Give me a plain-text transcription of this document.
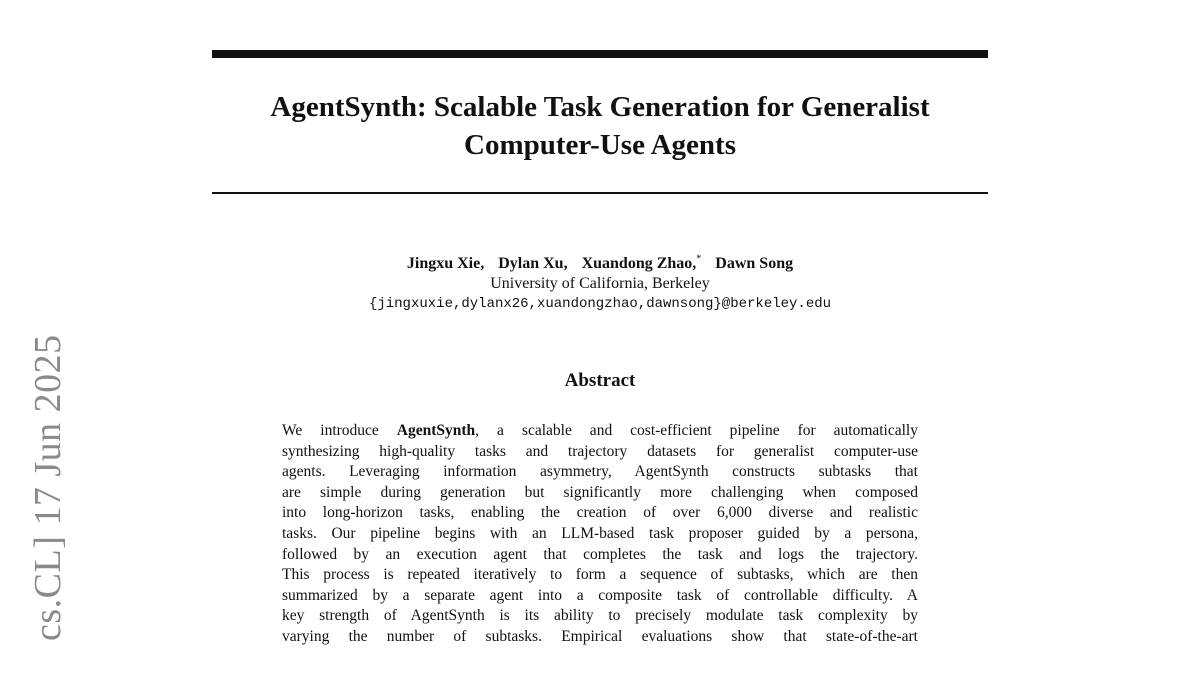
AgentSynth: Scalable Task Generation for Generalist
Computer-Use Agents
Jingxu Xie, Dylan Xu, Xuandong Zhao,* Dawn Song
University of California, Berkeley
{jingxuxie,dylanx26,xuandongzhao,dawnsong}@berkeley.edu
Abstract
We introduce AgentSynth, a scalable and cost-efficient pipeline for automatically
synthesizing high-quality tasks and trajectory datasets for generalist computer-use
agents. Leveraging information asymmetry, AgentSynth constructs subtasks that
are simple during generation but significantly more challenging when composed
into long-horizon tasks, enabling the creation of over 6,000 diverse and realistic
tasks. Our pipeline begins with an LLM-based task proposer guided by a persona,
followed by an execution agent that completes the task and logs the trajectory.
This process is repeated iteratively to form a sequence of subtasks, which are then
summarized by a separate agent into a composite task of controllable difficulty. A
key strength of AgentSynth is its ability to precisely modulate task complexity by
varying the number of subtasks. Empirical evaluations show that state-of-the-art
cs.CL] 17 Jun 2025
